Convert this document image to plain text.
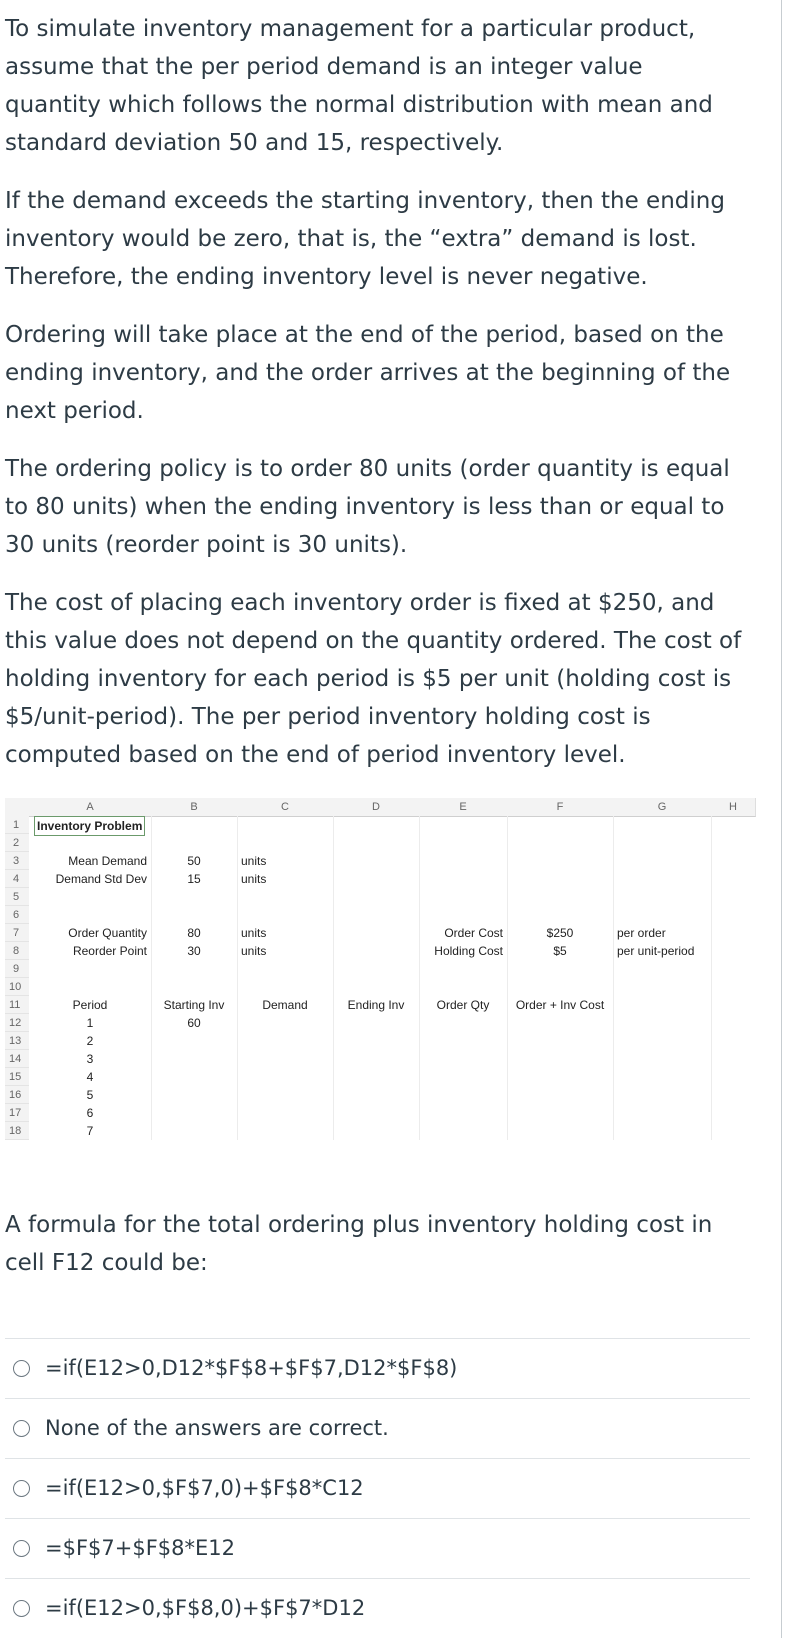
To simulate inventory management for a particular product, assume that the per period demand is an integer value quantity which follows the normal distribution with mean and standard deviation 50 and 15, respectively.

If the demand exceeds the starting inventory, then the ending inventory would be zero, that is, the “extra” demand is lost. Therefore, the ending inventory level is never negative.

Ordering will take place at the end of the period, based on the ending inventory, and the order arrives at the beginning of the next period.

The ordering policy is to order 80 units (order quantity is equal to 80 units) when the ending inventory is less than or equal to 30 units (reorder point is 30 units).

The cost of placing each inventory order is fixed at $250, and this value does not depend on the quantity ordered. The cost of holding inventory for each period is $5 per unit (holding cost is $5/unit-period). The per period inventory holding cost is computed based on the end of period inventory level.

A	B	C	D	E	F	G	H
1
2
3
4
5
6
7
8
9
10
11
12
13
14
15
16
17
18
Inventory Problem
Mean Demand	50	units
Demand Std Dev	15	units
Order Quantity	80	units	Order Cost	$250	per order
Reorder Point	30	units	Holding Cost	$5	per unit-period
Period	Starting Inv	Demand	Ending Inv	Order Qty	Order + Inv Cost
1	60
2
3
4
5
6
7

A formula for the total ordering plus inventory holding cost in cell F12 could be:

=if(E12>0,D12*$F$8+$F$7,D12*$F$8)
None of the answers are correct.
=if(E12>0,$F$7,0)+$F$8*C12
=$F$7+$F$8*E12
=if(E12>0,$F$8,0)+$F$7*D12
